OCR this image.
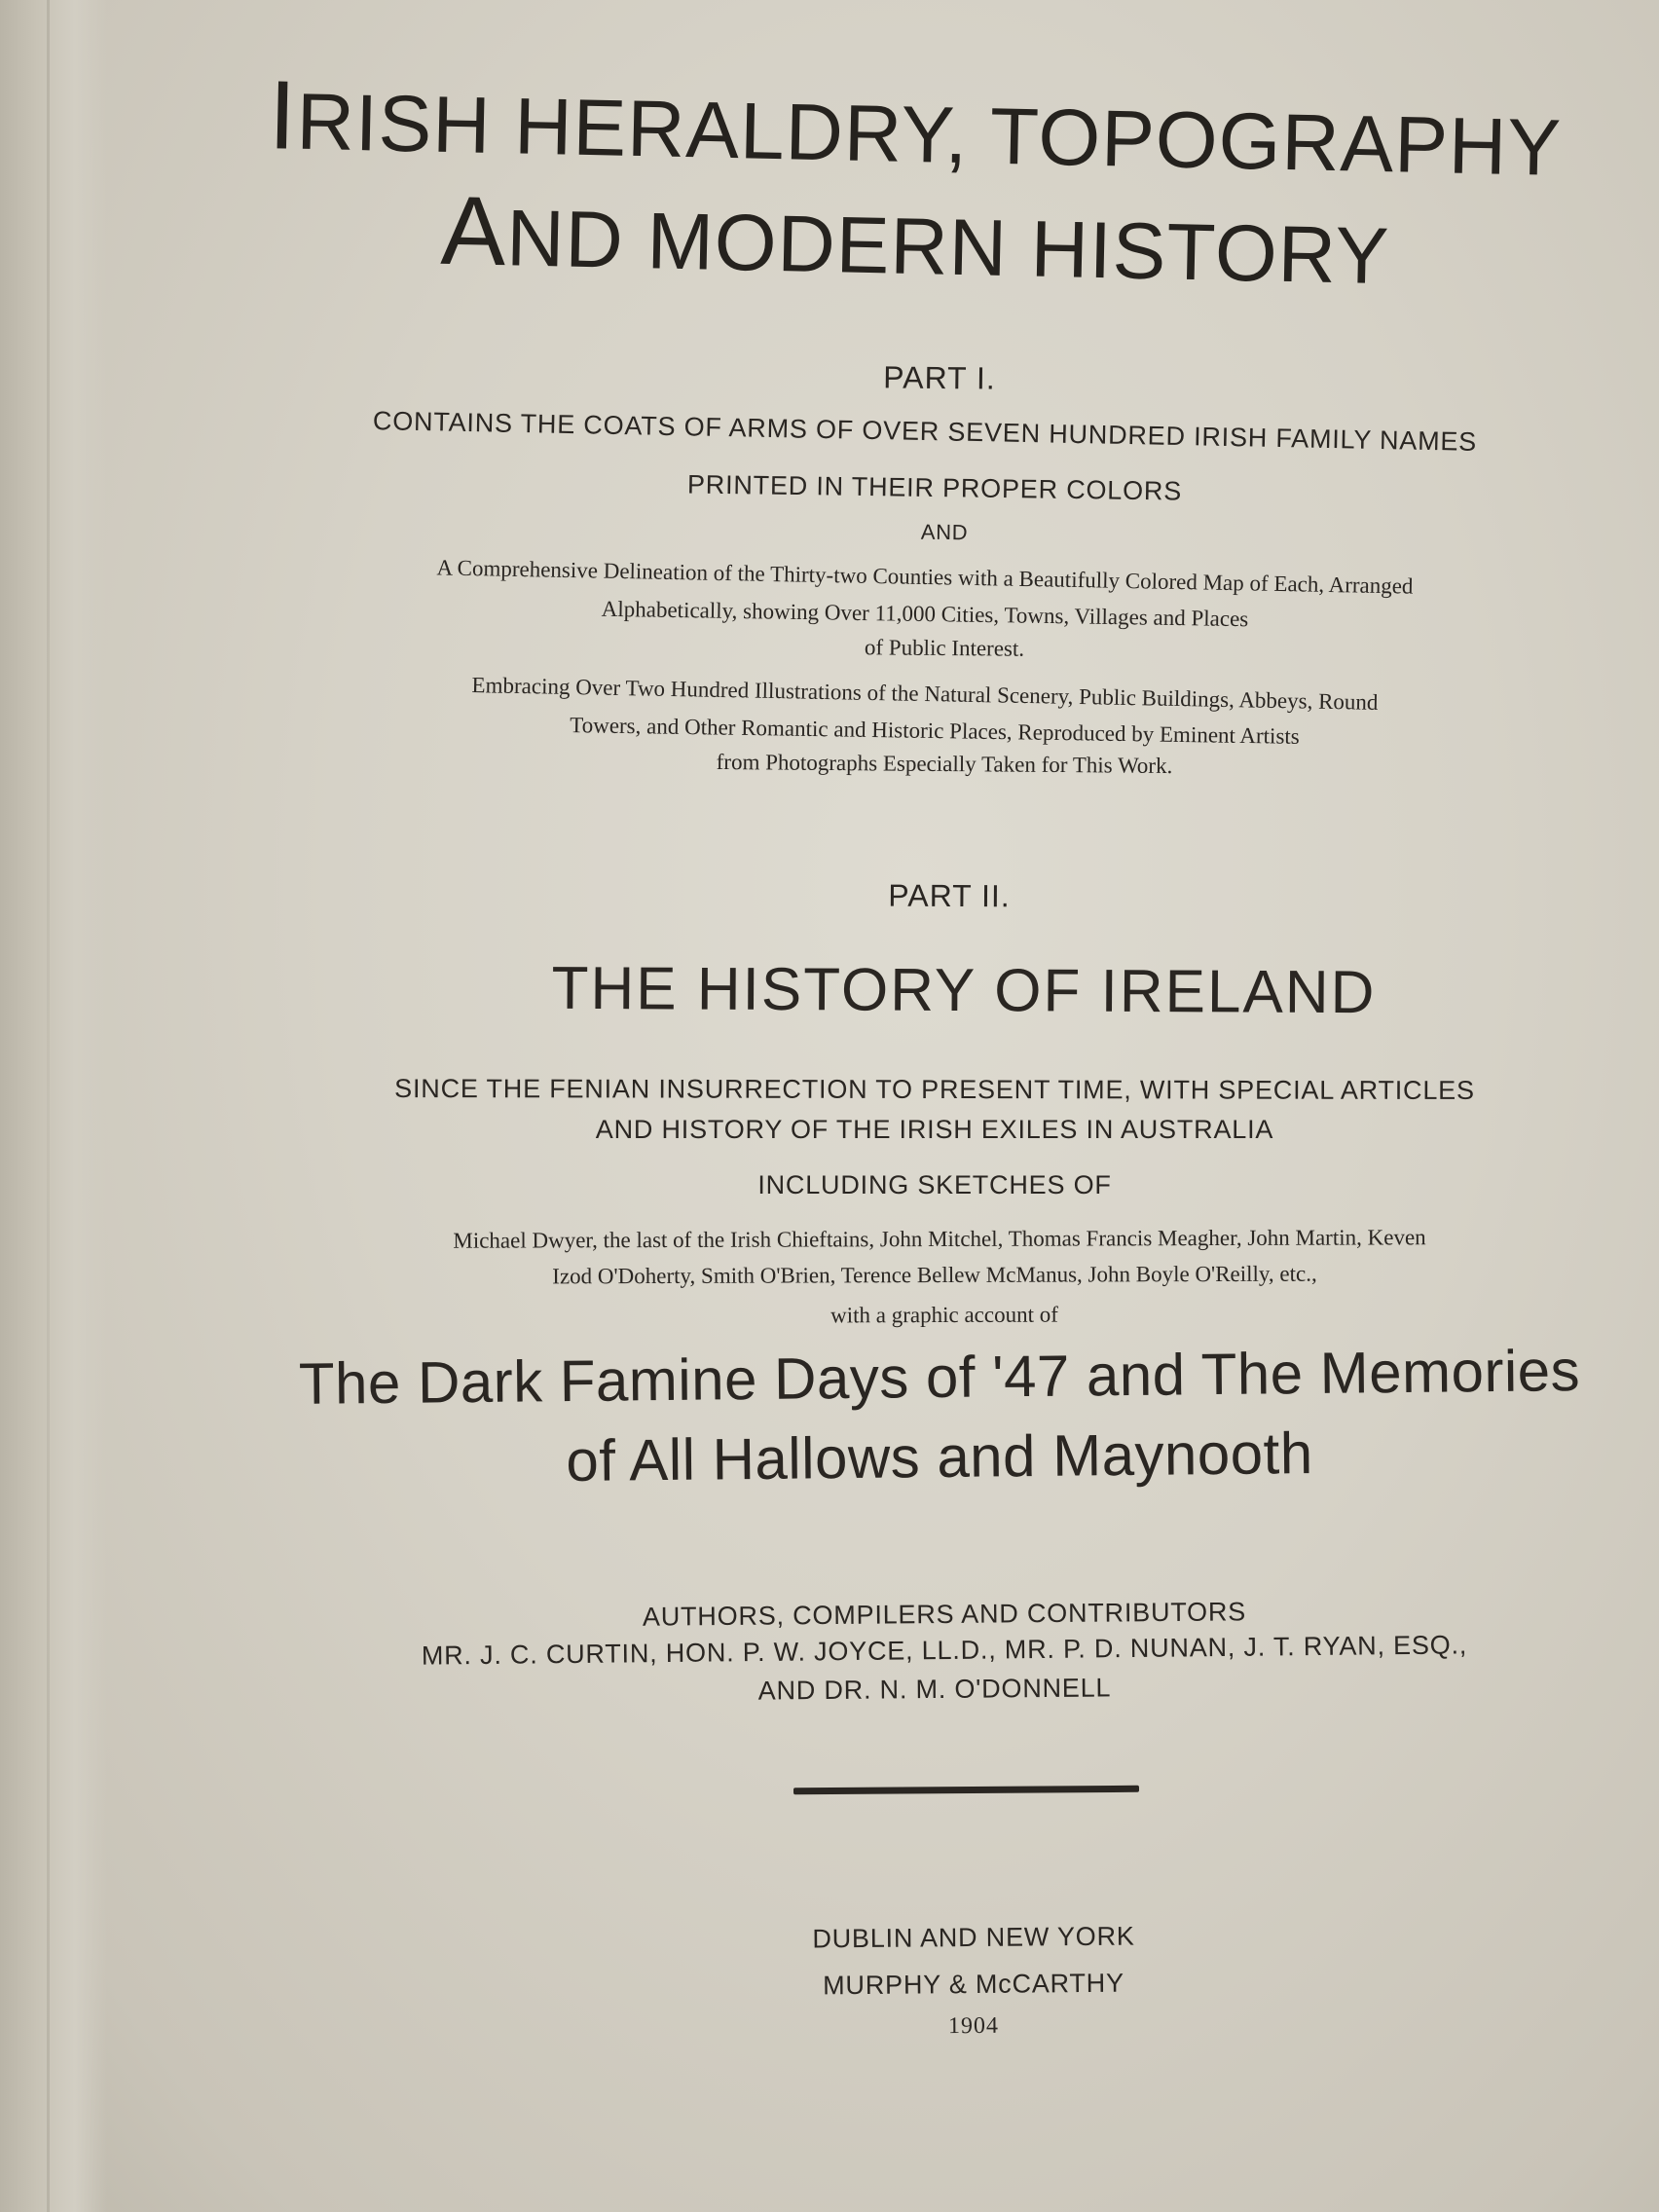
IRISH HERALDRY, TOPOGRAPHY
AND MODERN HISTORY
PART I.
CONTAINS THE COATS OF ARMS OF OVER SEVEN HUNDRED IRISH FAMILY NAMES
PRINTED IN THEIR PROPER COLORS
AND
A Comprehensive Delineation of the Thirty-two Counties with a Beautifully Colored Map of Each, Arranged
Alphabetically, showing Over 11,000 Cities, Towns, Villages and Places
of Public Interest.
Embracing Over Two Hundred Illustrations of the Natural Scenery, Public Buildings, Abbeys, Round
Towers, and Other Romantic and Historic Places, Reproduced by Eminent Artists
from Photographs Especially Taken for This Work.
PART II.
THE HISTORY OF IRELAND
SINCE THE FENIAN INSURRECTION TO PRESENT TIME, WITH SPECIAL ARTICLES
AND HISTORY OF THE IRISH EXILES IN AUSTRALIA
INCLUDING SKETCHES OF
Michael Dwyer, the last of the Irish Chieftains, John Mitchel, Thomas Francis Meagher, John Martin, Keven
Izod O'Doherty, Smith O'Brien, Terence Bellew McManus, John Boyle O'Reilly, etc.,
with a graphic account of
The Dark Famine Days of '47 and The Memories
of All Hallows and Maynooth
AUTHORS, COMPILERS AND CONTRIBUTORS
MR. J. C. CURTIN, HON. P. W. JOYCE, LL.D., MR. P. D. NUNAN, J. T. RYAN, ESQ.,
AND DR. N. M. O'DONNELL
DUBLIN AND NEW YORK
MURPHY & McCARTHY
1904
